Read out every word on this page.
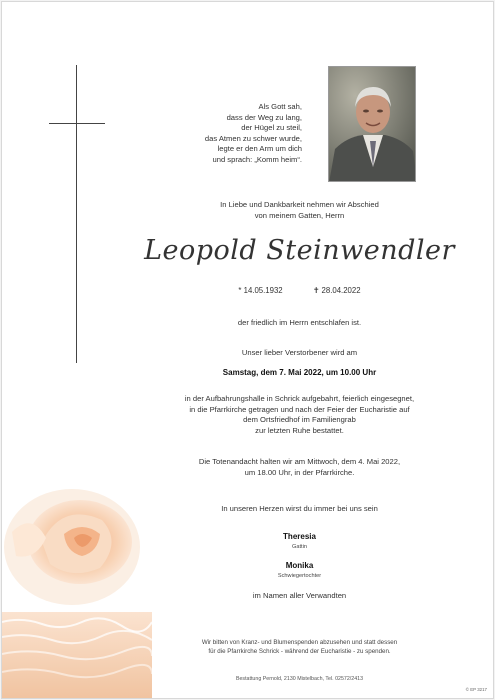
Als Gott sah,
dass der Weg zu lang,
der Hügel zu steil,
das Atmen zu schwer wurde,
legte er den Arm um dich
und sprach: „Komm heim“.
In Liebe und Dankbarkeit nehmen wir Abschied
von meinem Gatten, Herrn
Leopold Steinwendler
* 14.05.1932	✝ 28.04.2022
der friedlich im Herrn entschlafen ist.
Unser lieber Verstorbener wird am
Samstag, dem 7. Mai 2022, um 10.00 Uhr
in der Aufbahrungshalle in Schrick aufgebahrt, feierlich eingesegnet,
in die Pfarrkirche getragen und nach der Feier der Eucharistie auf
dem Ortsfriedhof im Familiengrab
zur letzten Ruhe bestattet.
Die Totenandacht halten wir am Mittwoch, dem 4. Mai 2022,
um 18.00 Uhr, in der Pfarrkirche.
In unseren Herzen wirst du immer bei uns sein
Theresia
Gattin
Monika
Schwiegertochter
im Namen aller Verwandten
Wir bitten von Kranz- und Blumenspenden abzusehen und statt dessen
für die Pfarrkirche Schrick - während der Eucharistie - zu spenden.
Bestattung Pernold, 2130 Mistelbach, Tel. 02572/2413
© EP 3217
